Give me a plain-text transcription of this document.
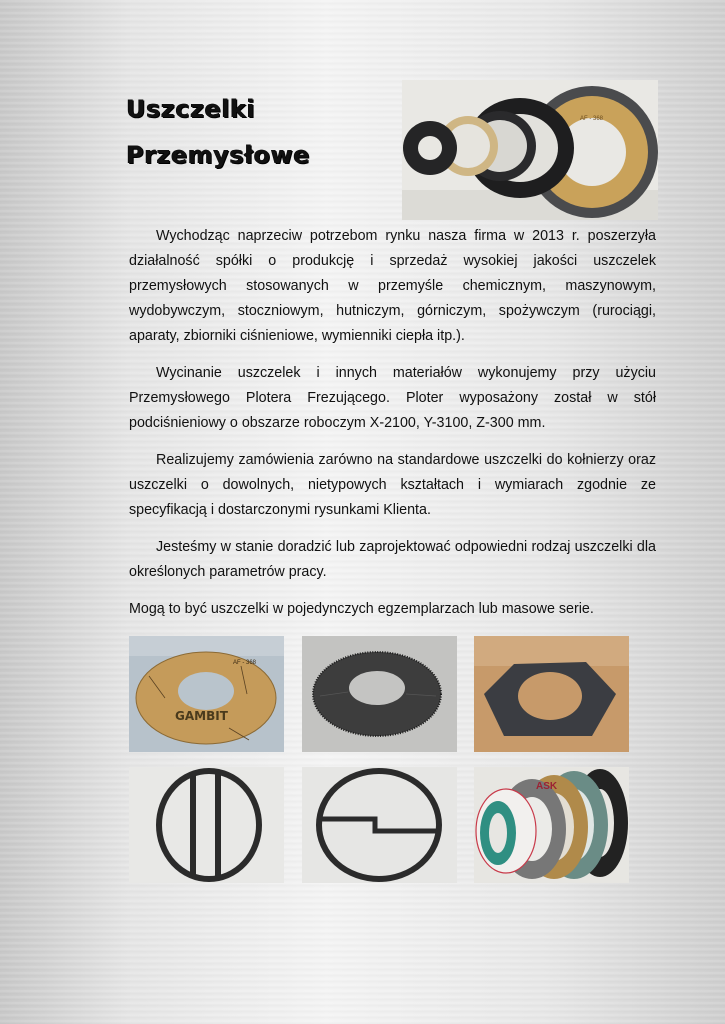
Uszczelki
Przemysłowe
AF - 368

Wychodząc naprzeciw potrzebom rynku nasza firma w 2013 r. poszerzyła działalność spółki o produkcję i sprzedaż wysokiej jakości uszczelek przemysłowych stosowanych w przemyśle chemicznym, maszynowym, wydobywczym, stoczniowym, hutniczym, górniczym, spożywczym (rurociągi, aparaty, zbiorniki ciśnieniowe, wymienniki ciepła itp.).

Wycinanie uszczelek i innych materiałów wykonujemy przy użyciu Przemysłowego Plotera Frezującego. Ploter wyposażony został w stół podciśnieniowy o obszarze roboczym X-2100, Y-3100, Z-300 mm.

Realizujemy zamówienia zarówno na standardowe uszczelki do kołnierzy oraz uszczelki o dowolnych, nietypowych kształtach i wymiarach zgodnie ze specyfikacją i dostarczonymi rysunkami Klienta.

Jesteśmy w stanie doradzić lub zaprojektować odpowiedni rodzaj uszczelki dla określonych parametrów pracy.

Mogą to być uszczelki w pojedynczych egzemplarzach lub masowe serie.

GAMBIT
AF - 368
ASK
